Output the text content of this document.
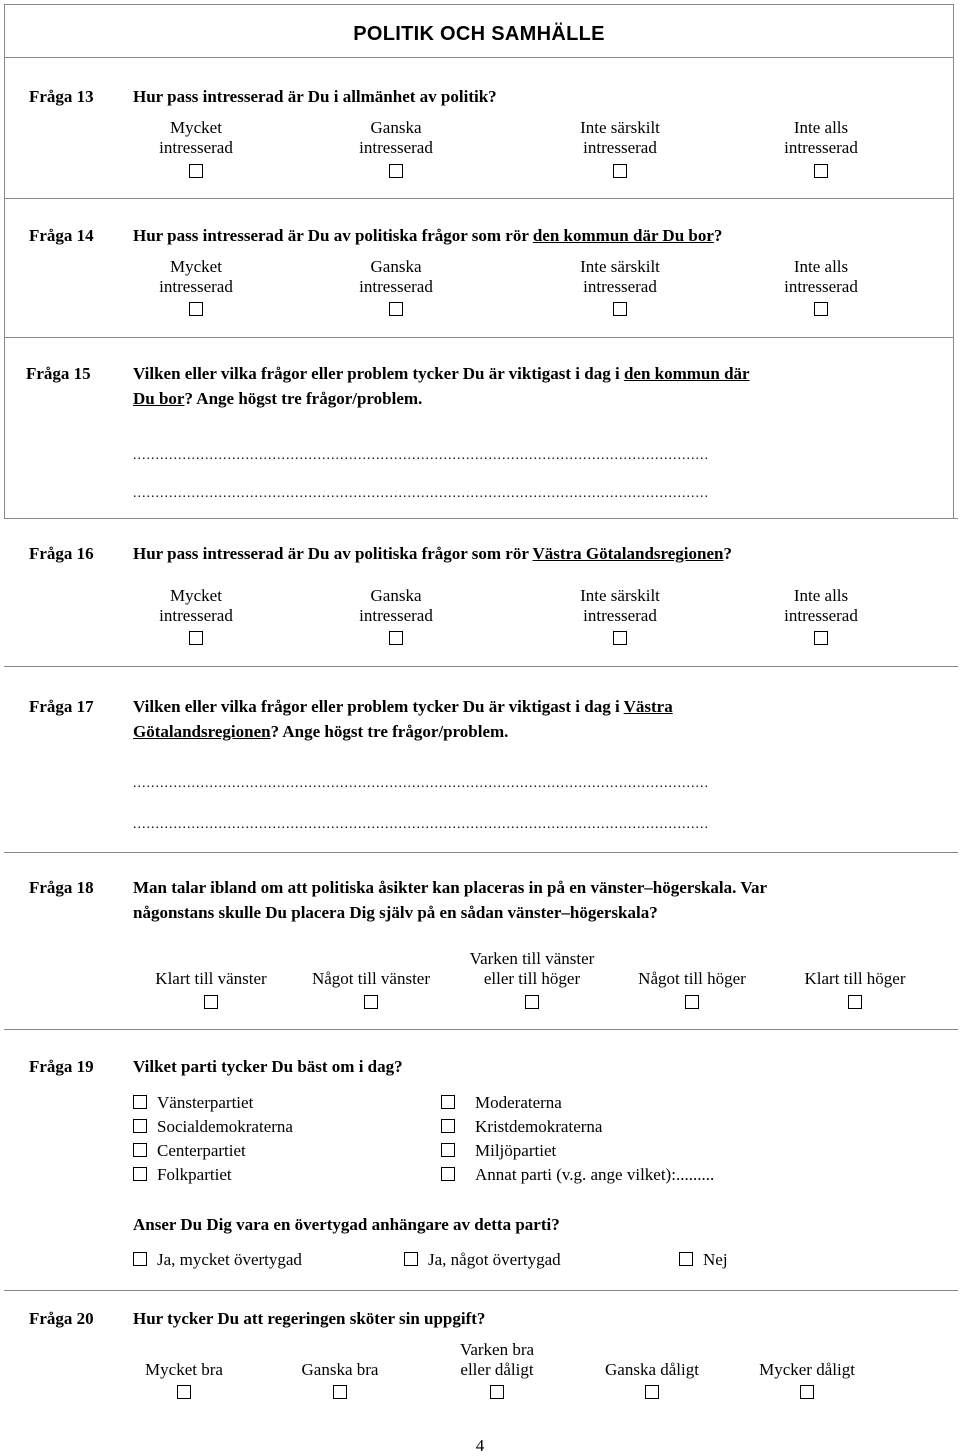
POLITIK OCH SAMHÄLLE
Fråga 13 Hur pass intresserad är Du i allmänhet av politik?
Mycket
intresserad
Ganska
intresserad
Inte särskilt
intresserad
Inte alls
intresserad
Fråga 14 Hur pass intresserad är Du av politiska frågor som rör den kommun där Du bor?
Mycket
intresserad
Ganska
intresserad
Inte särskilt
intresserad
Inte alls
intresserad
Fråga 15 Vilken eller vilka frågor eller problem tycker Du är viktigast i dag i den kommun där
Du bor? Ange högst tre frågor/problem.
................................................................................................................................
................................................................................................................................
Fråga 16 Hur pass intresserad är Du av politiska frågor som rör Västra Götalandsregionen?
Mycket
intresserad
Ganska
intresserad
Inte särskilt
intresserad
Inte alls
intresserad
Fråga 17 Vilken eller vilka frågor eller problem tycker Du är viktigast i dag i Västra
Götalandsregionen? Ange högst tre frågor/problem.
................................................................................................................................
................................................................................................................................
Fråga 18 Man talar ibland om att politiska åsikter kan placeras in på en vänster–högerskala. Var
någonstans skulle Du placera Dig själv på en sådan vänster–högerskala?

Klart till vänster
	Något till vänster
Varken till vänster
eller till höger
	Något till höger
	Klart till höger
Fråga 19 Vilket parti tycker Du bäst om i dag?
Vänsterpartiet
Socialdemokraterna
Centerpartiet
Folkpartiet
Moderaterna
Kristdemokraterna
Miljöpartiet
Annat parti (v.g. ange vilket):.........
Anser Du Dig vara en övertygad anhängare av detta parti?
Ja, mycket övertygad	Ja, något övertygad	Nej
Fråga 20 Hur tycker Du att regeringen sköter sin uppgift?

Mycket bra
	Ganska bra
Varken bra
eller dåligt
	Ganska dåligt
	Mycker dåligt
4
